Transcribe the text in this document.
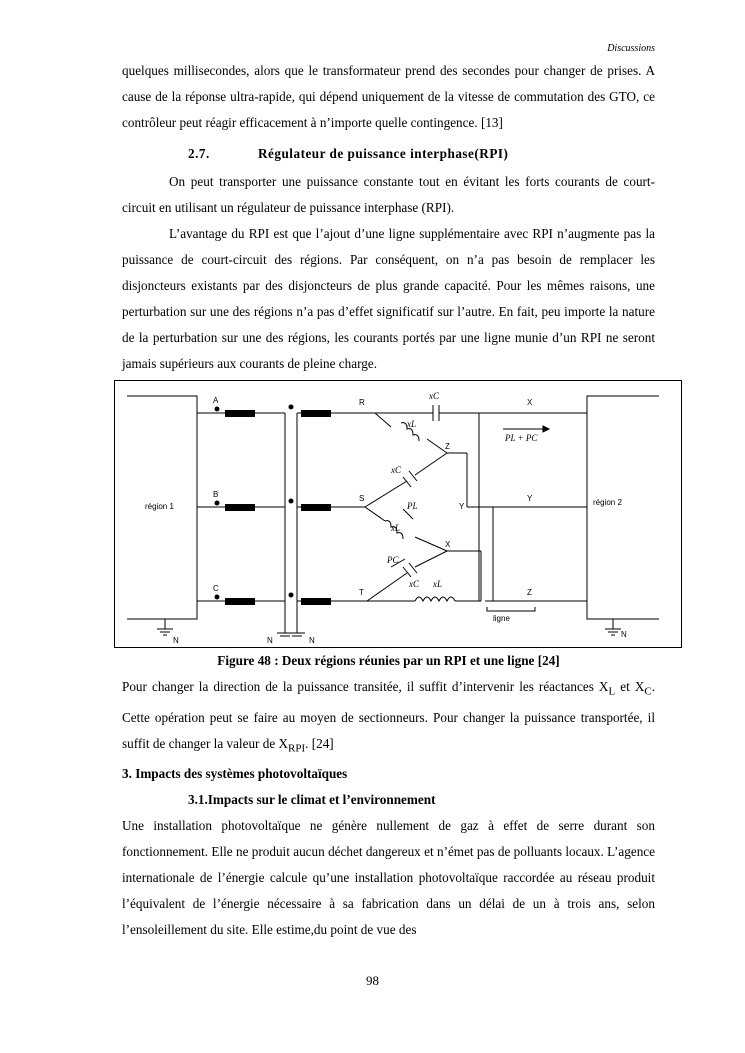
Discussions

quelques millisecondes, alors que le transformateur prend des secondes pour changer de prises. A cause de la réponse ultra-rapide, qui dépend uniquement de la vitesse de commutation des GTO, ce contrôleur peut réagir efficacement à n’importe quelle contingence. [13]

2.7.	Régulateur de puissance interphase(RPI)

On peut transporter une puissance constante tout en évitant les forts courants de court-circuit en utilisant un régulateur de puissance interphase (RPI).

L’avantage du RPI est que l’ajout d’une ligne supplémentaire avec RPI n’augmente pas la puissance de court-circuit des régions. Par conséquent, on n’a pas besoin de remplacer les disjoncteurs existants par des disjoncteurs de plus grande capacité. Pour les mêmes raisons, une perturbation sur une des régions n’a pas d’effet significatif sur l’autre. En fait, peu importe la nature de la perturbation sur une des régions, les courants portés par une ligne munie d’un RPI ne seront jamais supérieurs aux courants de pleine charge.

région 1	région 2
A
B
C
R
S
T
Z
Y
X
X
Y
Z
N	N	N
N
xC
xL
xC
PL
xL
PC
xC xL
PL + PC
ligne
Figure 48 : Deux régions réunies par un RPI et une ligne [24]

Pour changer la direction de la puissance transitée, il suffit d’intervenir les réactances $X_L$ et $X_C$. Cette opération peut se faire au moyen de sectionneurs. Pour changer la puissance transportée, il suffit de changer la valeur de $X_{RPI}$. [24]

3. Impacts des systèmes photovoltaïques
3.1.Impacts sur le climat et l’environnement

Une installation photovoltaïque ne génère nullement de gaz à effet de serre durant son fonctionnement. Elle ne produit aucun déchet dangereux et n’émet pas de polluants locaux. L’agence internationale de l’énergie calcule qu’une installation photovoltaïque raccordée au réseau produit l’équivalent de l’énergie nécessaire à sa fabrication dans un délai de un à trois ans, selon l’ensoleillement du site. Elle estime,du point de vue des

98
